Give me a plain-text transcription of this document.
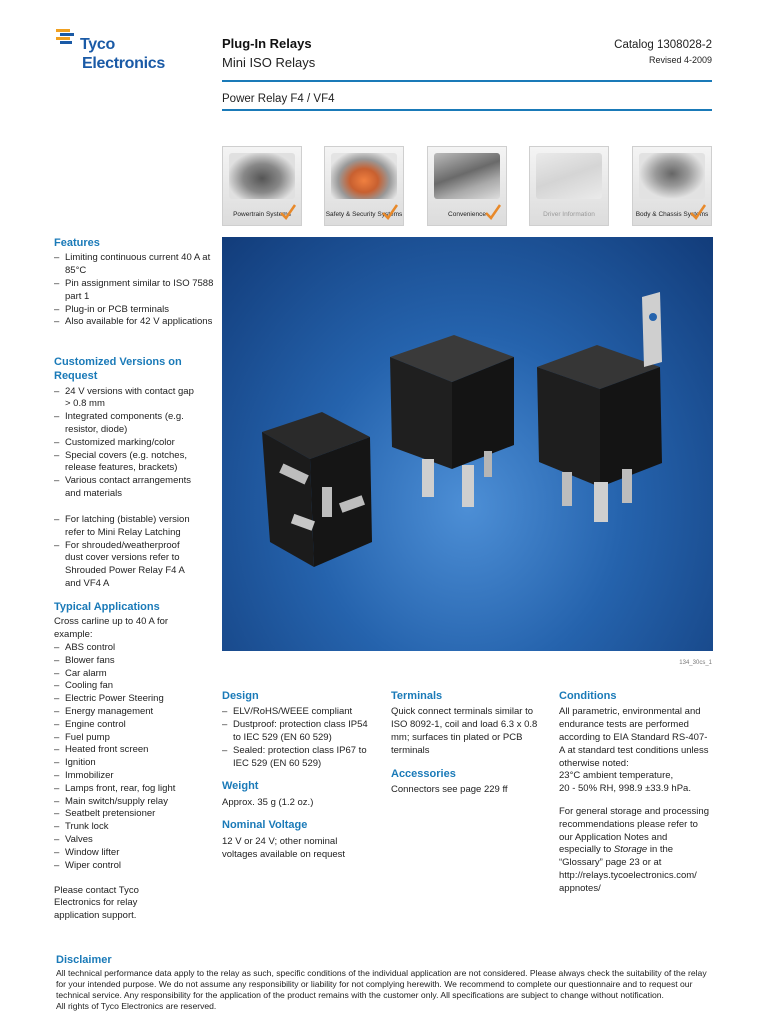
Tyco
Electronics
Plug-In Relays
Mini ISO Relays
Catalog 1308028-2
Revised 4-2009
Power Relay F4 / VF4
Powertrain Systems	Safety & Security Systems	Convenience	Driver Information	Body & Chassis Systems
134_30cs_1
Features
– Limiting continuous current 40 A at 85°C
– Pin assignment similar to ISO 7588 part 1
– Plug-in or PCB terminals
– Also available for 42 V applications
Customized Versions on Request
– 24 V versions with contact gap > 0.8 mm
– Integrated components (e.g. resistor, diode)
– Customized marking/color
– Special covers (e.g. notches, release features, brackets)
– Various contact arrangements and materials
– For latching (bistable) version refer to Mini Relay Latching
– For shrouded/weatherproof dust cover versions refer to Shrouded Power Relay F4 A and VF4 A
Typical Applications
Cross carline up to 40 A for example:
– ABS control
– Blower fans
– Car alarm
– Cooling fan
– Electric Power Steering
– Energy management
– Engine control
– Fuel pump
– Heated front screen
– Ignition
– Immobilizer
– Lamps front, rear, fog light
– Main switch/supply relay
– Seatbelt pretensioner
– Trunk lock
– Valves
– Window lifter
– Wiper control
Please contact Tyco Electronics for relay application support.
Design
– ELV/RoHS/WEEE compliant
– Dustproof: protection class IP54 to IEC 529 (EN 60 529)
– Sealed: protection class IP67 to IEC 529 (EN 60 529)
Weight
Approx. 35 g (1.2 oz.)
Nominal Voltage
12 V or 24 V; other nominal voltages available on request
Terminals
Quick connect terminals similar to ISO 8092-1, coil and load 6.3 x 0.8 mm; surfaces tin plated or PCB terminals
Accessories
Connectors see page 229 ff
Conditions
All parametric, environmental and endurance tests are performed according to EIA Standard RS-407-A at standard test conditions unless otherwise noted:
23°C ambient temperature,
20 - 50% RH, 998.9 ±33.9 hPa.
For general storage and processing recommendations please refer to our Application Notes and especially to Storage in the “Glossary” page 23 or at http://relays.tycoelectronics.com/ appnotes/
Disclaimer

All technical performance data apply to the relay as such, specific conditions of the individual application are not considered. Please always check the suitability of the relay for your intended purpose. We do not assume any responsibility or liability for not complying herewith. We recommend to complete our questionnaire and to request our technical service. Any responsibility for the application of the product remains with the customer only. All specifications are subject to change without notification.

All rights of Tyco Electronics are reserved.
